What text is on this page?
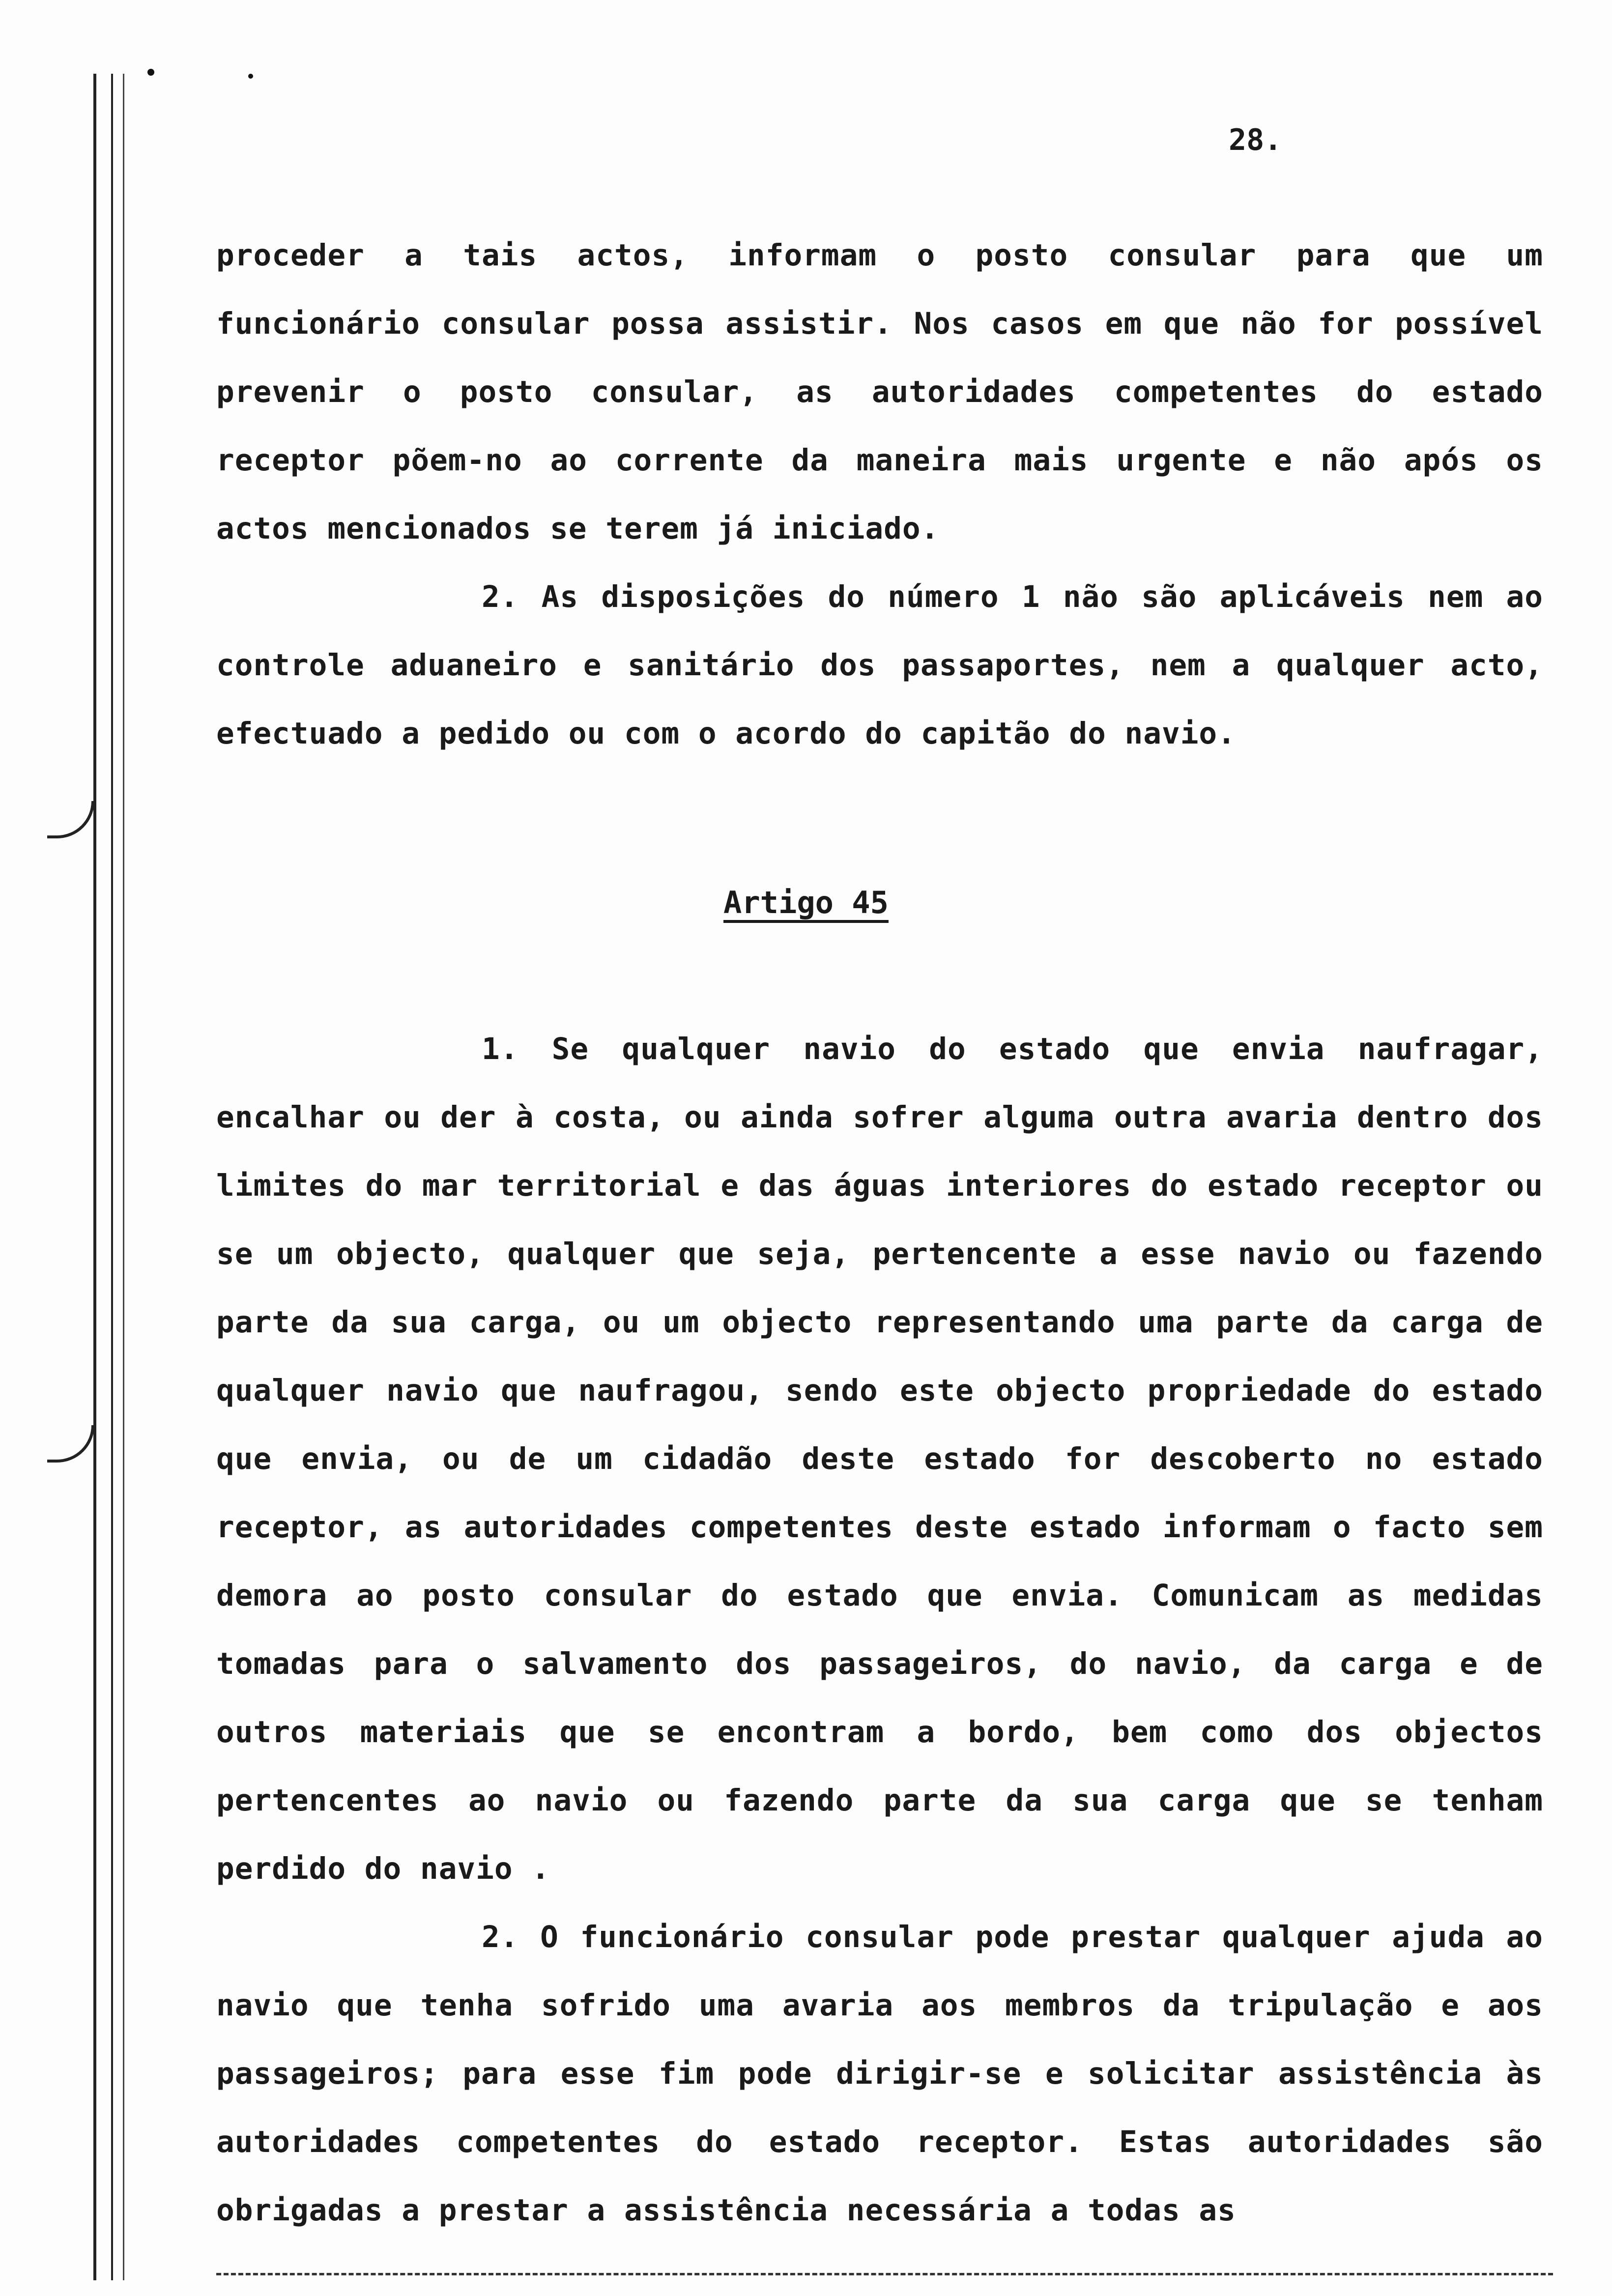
28.

proceder a tais actos, informam o posto consular para que um funcionário consular possa assistir. Nos casos em que não for possível prevenir o posto consular, as autoridades competentes do estado receptor põem-no ao corrente da maneira mais urgente e não após os actos mencionados se terem já iniciado.

2. As disposições do número 1 não são aplicáveis nem ao controle aduaneiro e sanitário dos passaportes, nem a qualquer acto, efectuado a pedido ou com o acordo do capitão do navio.

Artigo 45

1. Se qualquer navio do estado que envia naufragar, encalhar ou der à costa, ou ainda sofrer alguma outra avaria dentro dos limites do mar territorial e das águas interiores do estado receptor ou se um objecto, qualquer que seja, pertencente a esse navio ou fazendo parte da sua carga, ou um objecto representando uma parte da carga de qualquer navio que naufragou, sendo este objecto propriedade do estado que envia, ou de um cidadão deste estado for descoberto no estado receptor, as autoridades competentes deste estado informam o facto sem demora ao posto consular do estado que envia. Comunicam as medidas tomadas para o salvamento dos passageiros, do navio, da carga e de outros materiais que se encontram a bordo, bem como dos objectos pertencentes ao navio ou fazendo parte da sua carga que se tenham perdido do navio .

2. O funcionário consular pode prestar qualquer ajuda ao navio que tenha sofrido uma avaria aos membros da tripulação e aos passageiros; para esse fim pode dirigir-se e solicitar assistência às autoridades competentes do estado receptor. Estas autoridades são obrigadas a prestar a assistência necessária a todas as
